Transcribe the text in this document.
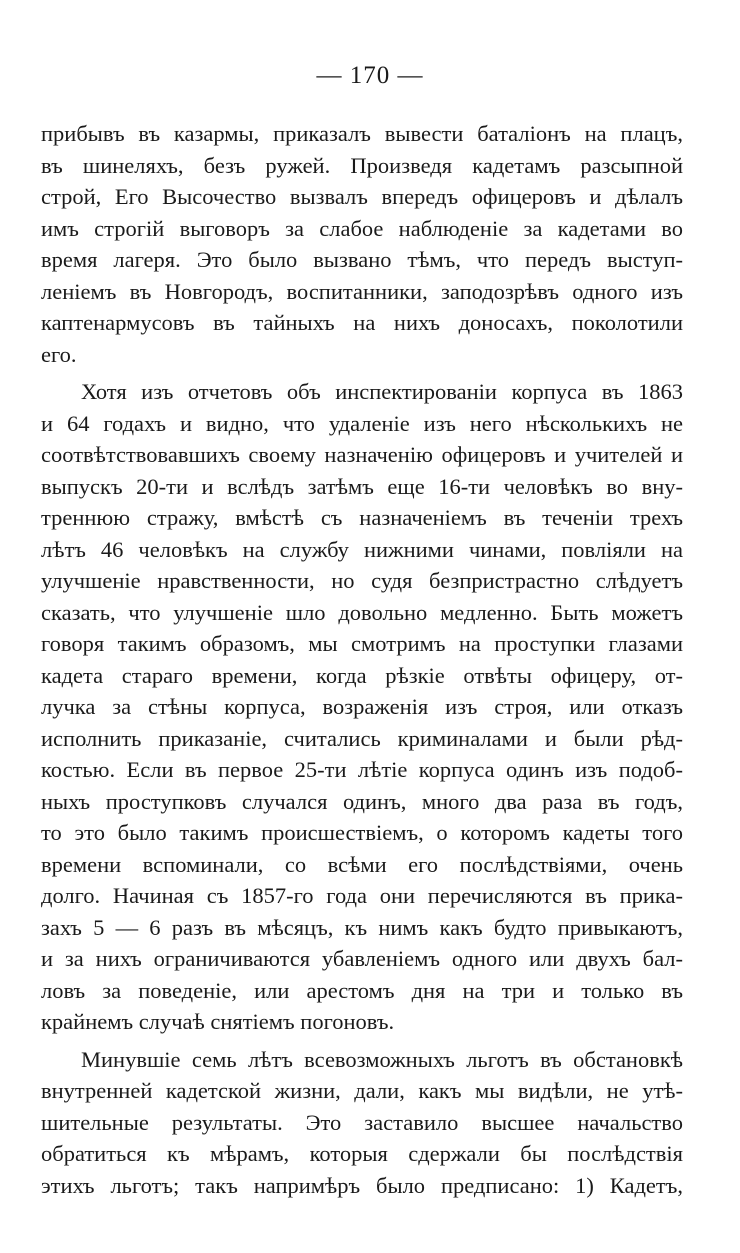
— 170 —

прибывъ въ казармы, приказалъ вывести баталіонъ на плацъ,
въ шинеляхъ, безъ ружей. Произведя кадетамъ разсыпной
строй, Его Высочество вызвалъ впередъ офицеровъ и дѣлалъ
имъ строгій выговоръ за слабое наблюденіе за кадетами во
время лагеря. Это было вызвано тѣмъ, что передъ выступ-
леніемъ въ Новгородъ, воспитанники, заподозрѣвъ одного изъ
каптенармусовъ въ тайныхъ на нихъ доносахъ, поколотили
его.

Хотя изъ отчетовъ объ инспектированіи корпуса въ 1863
и 64 годахъ и видно, что удаленіе изъ него нѣсколькихъ не
соотвѣтствовавшихъ своему назначенію офицеровъ и учителей и
выпускъ 20-ти и вслѣдъ затѣмъ еще 16-ти человѣкъ во вну-
треннюю стражу, вмѣстѣ съ назначеніемъ въ теченіи трехъ
лѣтъ 46 человѣкъ на службу нижними чинами, повліяли на
улучшеніе нравственности, но судя безпристрастно слѣдуетъ
сказать, что улучшеніе шло довольно медленно. Быть можетъ
говоря такимъ образомъ, мы смотримъ на проступки глазами
кадета стараго времени, когда рѣзкіе отвѣты офицеру, от-
лучка за стѣны корпуса, возраженія изъ строя, или отказъ
исполнить приказаніе, считались криминалами и были рѣд-
костью. Если въ первое 25-ти лѣтіе корпуса одинъ изъ подоб-
ныхъ проступковъ случался одинъ, много два раза въ годъ,
то это было такимъ происшествіемъ, о которомъ кадеты того
времени вспоминали, со всѣми его послѣдствіями, очень
долго. Начиная съ 1857-го года они перечисляются въ прика-
захъ 5 — 6 разъ въ мѣсяцъ, къ нимъ какъ будто привыкаютъ,
и за нихъ ограничиваются убавленіемъ одного или двухъ бал-
ловъ за поведеніе, или арестомъ дня на три и только въ
крайнемъ случаѣ снятіемъ погоновъ.

Минувшіе семь лѣтъ всевозможныхъ льготъ въ обстановкѣ
внутренней кадетской жизни, дали, какъ мы видѣли, не утѣ-
шительные результаты. Это заставило высшее начальство
обратиться къ мѣрамъ, которыя сдержали бы послѣдствія
этихъ льготъ; такъ напримѣръ было предписано: 1) Кадетъ,
